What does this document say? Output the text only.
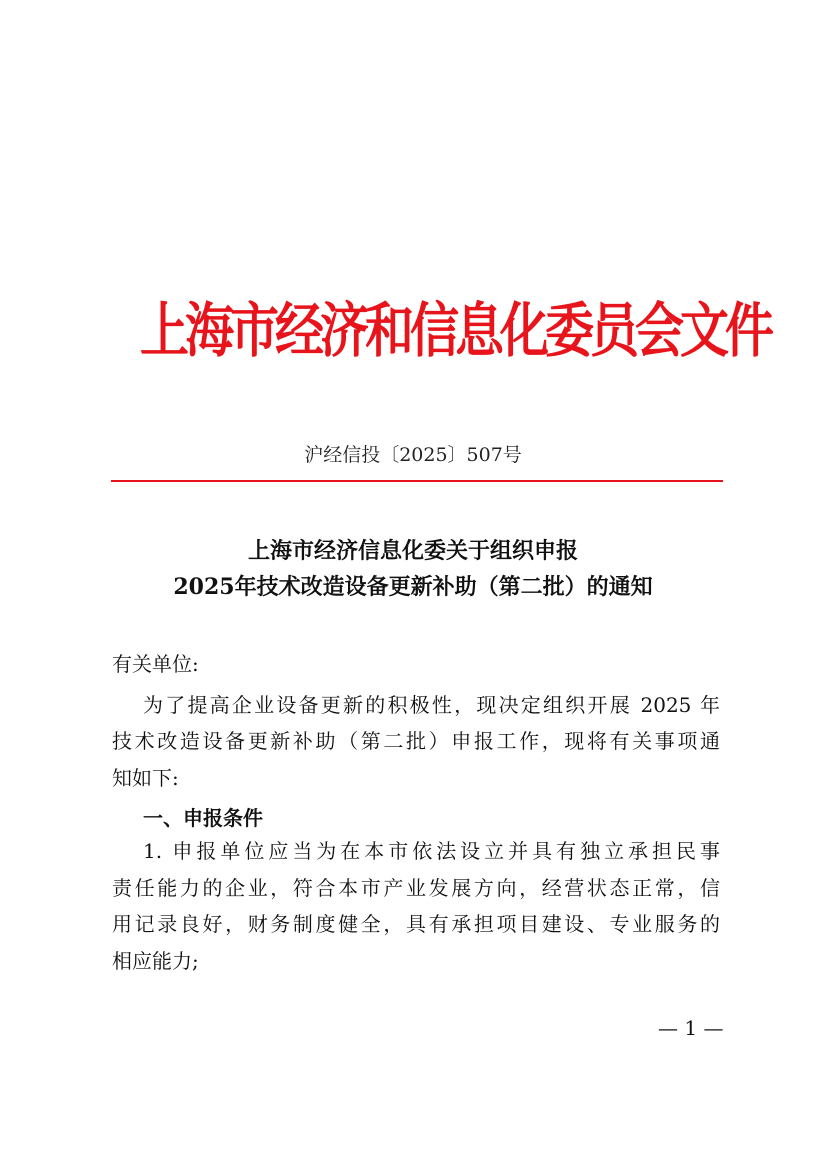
上海市经济和信息化委员会文件
沪经信投〔2025〕507号
上海市经济信息化委关于组织申报
2025年技术改造设备更新补助（第二批）的通知
有关单位:
为了提高企业设备更新的积极性，现决定组织开展 2025 年
技术改造设备更新补助（第二批）申报工作，现将有关事项通
知如下:
一、申报条件
1. 申报单位应当为在本市依法设立并具有独立承担民事
责任能力的企业，符合本市产业发展方向，经营状态正常，信
用记录良好，财务制度健全，具有承担项目建设、专业服务的
相应能力;
— 1 —
